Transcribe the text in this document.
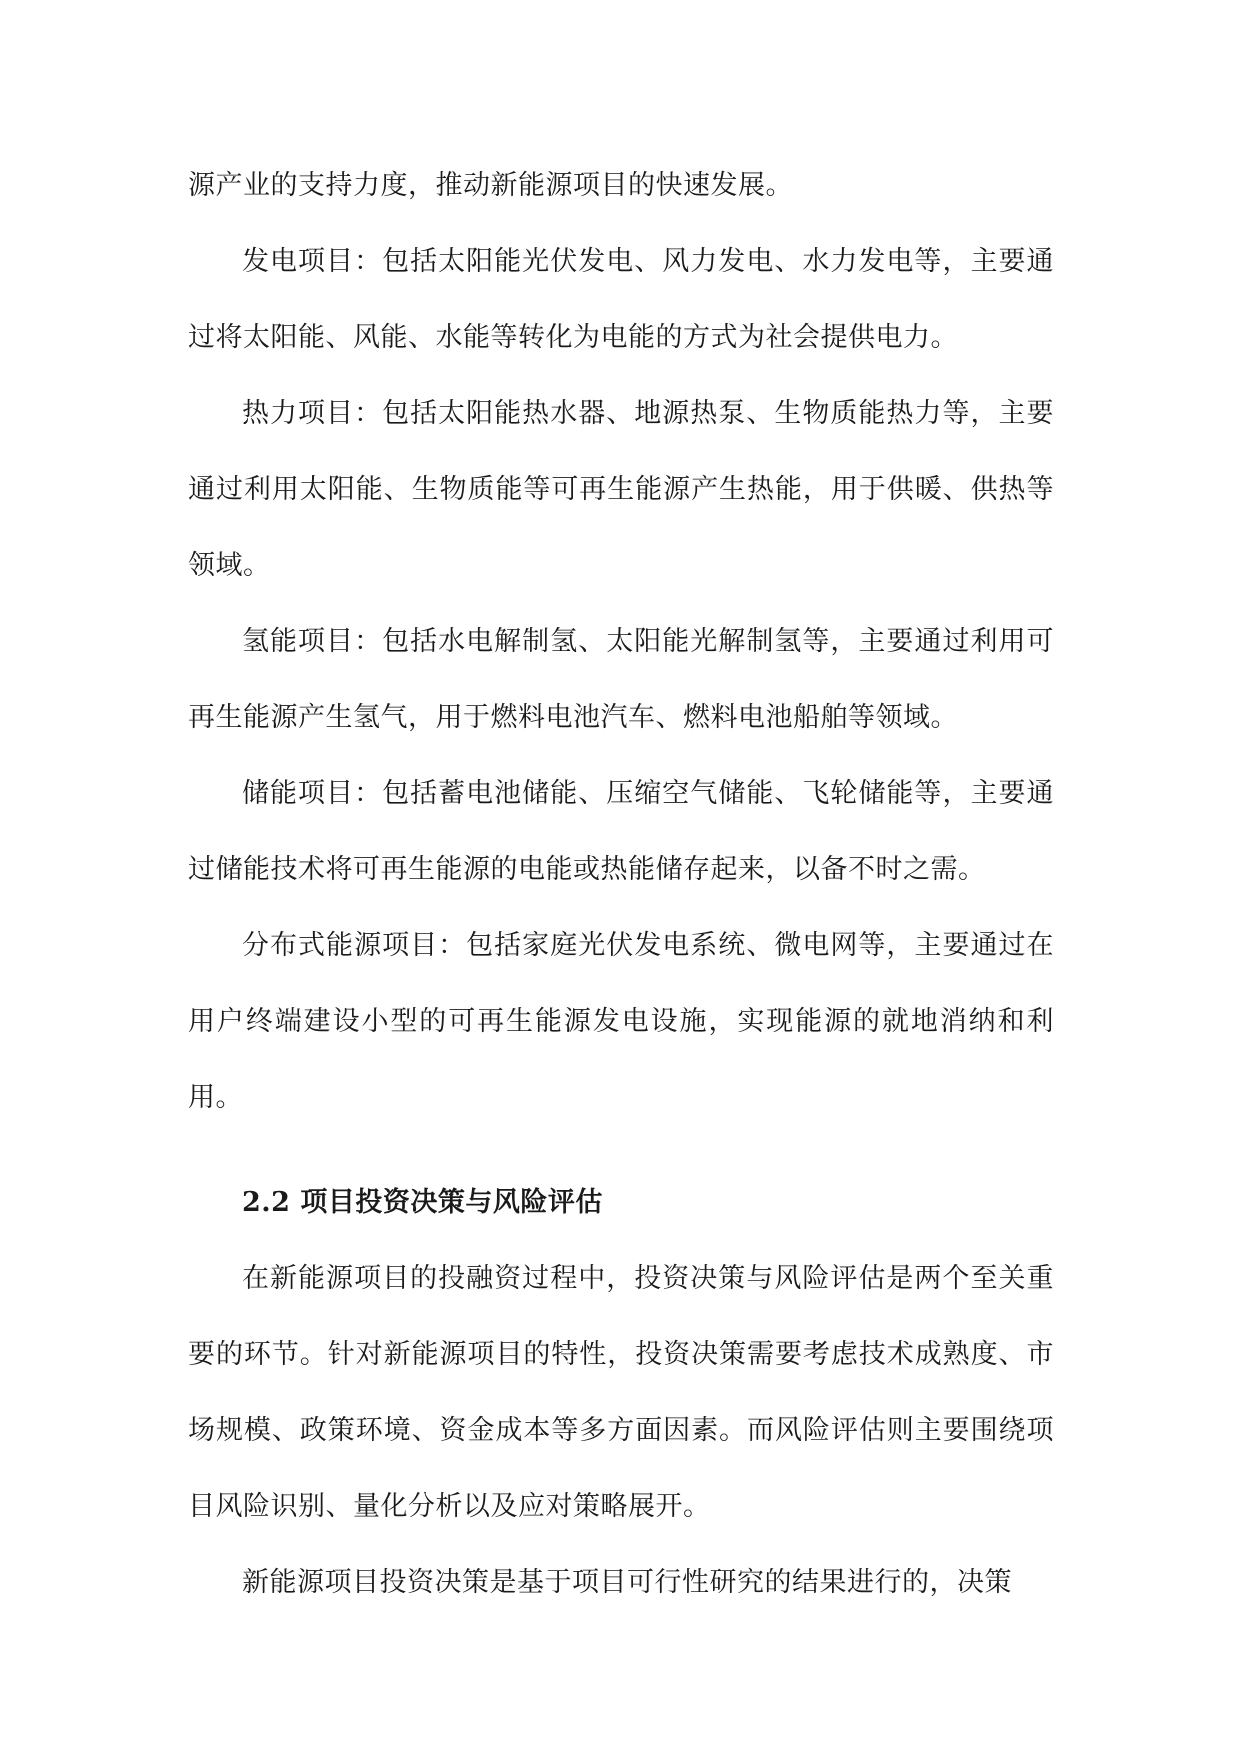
源产业的支持力度，推动新能源项目的快速发展。

发电项目：包括太阳能光伏发电、风力发电、水力发电等，主要通过将太阳能、风能、水能等转化为电能的方式为社会提供电力。

热力项目：包括太阳能热水器、地源热泵、生物质能热力等，主要通过利用太阳能、生物质能等可再生能源产生热能，用于供暖、供热等领域。

氢能项目：包括水电解制氢、太阳能光解制氢等，主要通过利用可再生能源产生氢气，用于燃料电池汽车、燃料电池船舶等领域。

储能项目：包括蓄电池储能、压缩空气储能、飞轮储能等，主要通过储能技术将可再生能源的电能或热能储存起来，以备不时之需。

分布式能源项目：包括家庭光伏发电系统、微电网等，主要通过在用户终端建设小型的可再生能源发电设施，实现能源的就地消纳和利用。

2.2 项目投资决策与风险评估

在新能源项目的投融资过程中，投资决策与风险评估是两个至关重要的环节。针对新能源项目的特性，投资决策需要考虑技术成熟度、市场规模、政策环境、资金成本等多方面因素。而风险评估则主要围绕项目风险识别、量化分析以及应对策略展开。

新能源项目投资决策是基于项目可行性研究的结果进行的，决策
